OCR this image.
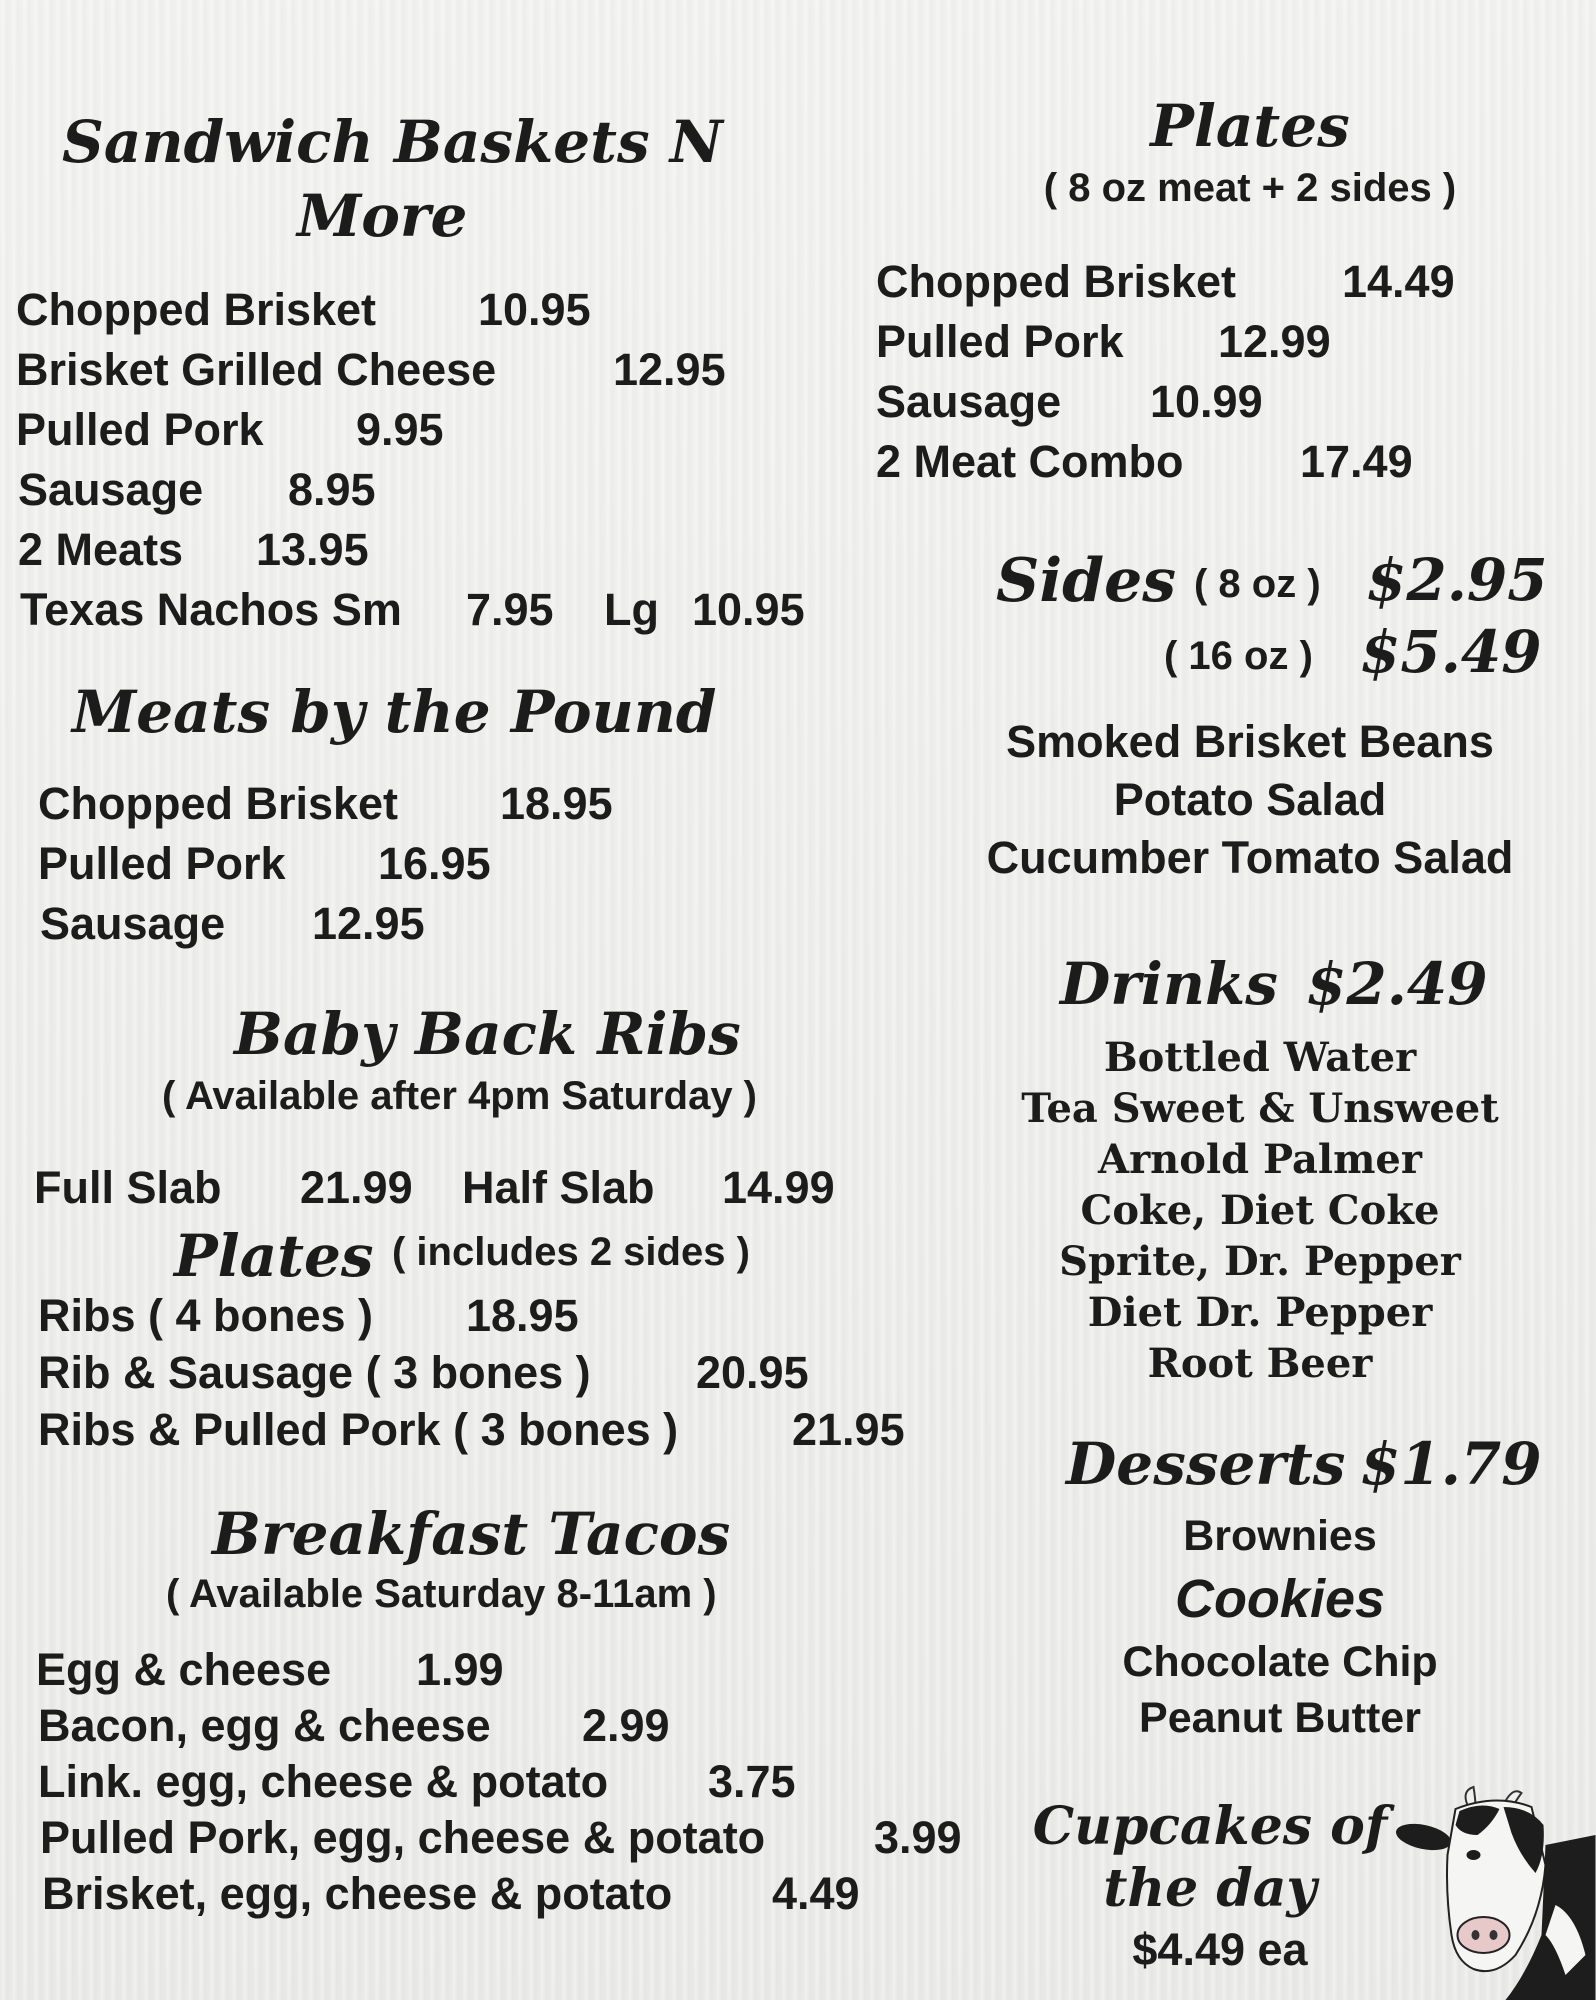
Sandwich Baskets N
More
Chopped Brisket 10.95
Brisket Grilled Cheese	12.95
Pulled Pork 9.95
Sausage 8.95
2 Meats 13.95
Texas Nachos Sm 7.95 Lg 10.95
Meats by the Pound
Chopped Brisket 18.95
Pulled Pork 16.95
Sausage 12.95
Baby Back Ribs
( Available after 4pm Saturday )
Full Slab 21.99 Half Slab 14.99
Plates ( includes 2 sides )
Ribs ( 4 bones ) 18.95
Rib & Sausage ( 3 bones ) 20.95
Ribs & Pulled Pork ( 3 bones )	21.95
Breakfast Tacos
( Available Saturday 8-11am )
Egg & cheese 1.99
Bacon, egg & cheese 2.99
Link. egg, cheese & potato 3.75
Pulled Pork, egg, cheese & potato 3.99
Brisket, egg, cheese & potato 4.49
Plates
( 8 oz meat + 2 sides )
Chopped Brisket 14.49
Pulled Pork 12.99
Sausage 10.99
2 Meat Combo	17.49
Sides ( 8 oz ) $2.95
( 16 oz ) $5.49
Smoked Brisket Beans
Potato Salad
Cucumber Tomato Salad
Drinks $2.49
Bottled Water
Tea Sweet & Unsweet
Arnold Palmer
Coke, Diet Coke
Sprite, Dr. Pepper
Diet Dr. Pepper
Root Beer
Desserts $1.79
Brownies
Cookies
Chocolate Chip
Peanut Butter
Cupcakes of
the day
$4.49 ea
